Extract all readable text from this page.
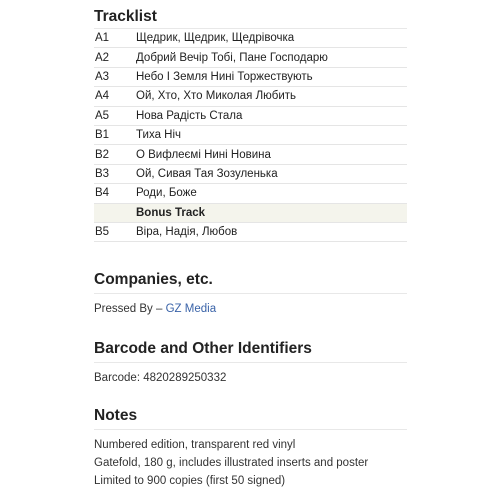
Tracklist
A1	Щедрик, Щедрик, Щедрівочка
A2	Добрий Вечір Тобі, Пане Господарю
A3	Небо І Земля Нині Торжествують
A4	Ой, Хто, Хто Миколая Любить
A5	Нова Радість Стала
B1	Тиха Ніч
B2	О Вифлеємі Нині Новина
B3	Ой, Сивая Тая Зозуленька
B4	Роди, Боже
Bonus Track
B5	Віра, Надія, Любов
Companies, etc.
Pressed By – GZ Media
Barcode and Other Identifiers
Barcode: 4820289250332
Notes
Numbered edition, transparent red vinyl
Gatefold, 180 g, includes illustrated inserts and poster
Limited to 900 copies (first 50 signed)
